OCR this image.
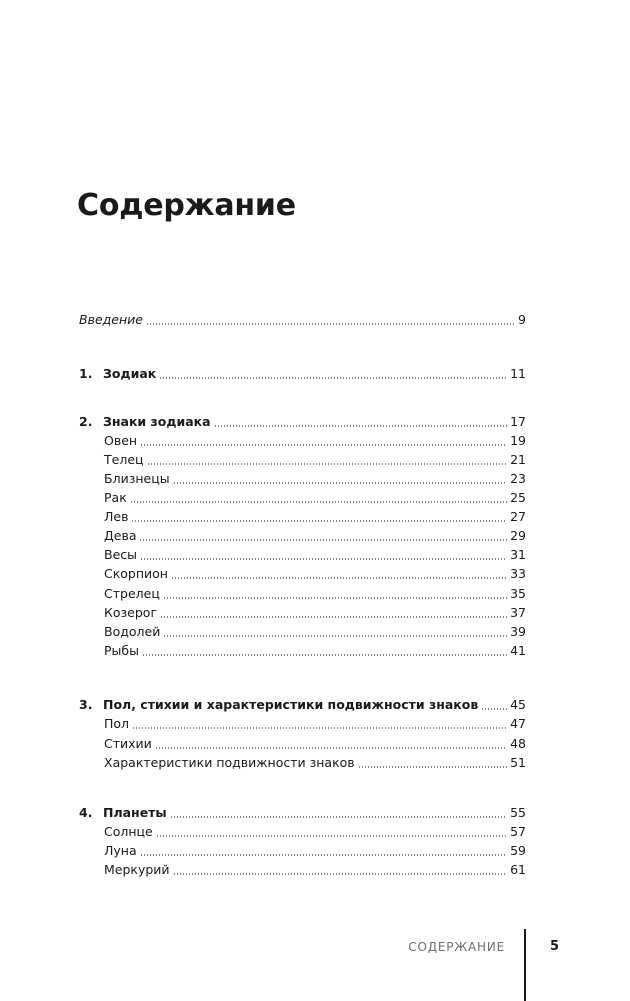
Содержание
Введение	9
1. Зодиак	11
2. Знаки зодиака	17
Овен	19
Телец	21
Близнецы	23
Рак	25
Лев	27
Дева	29
Весы	31
Скорпион	33
Стрелец	35
Козерог	37
Водолей	39
Рыбы	41
3. Пол, стихии и характеристики подвижности знаков	45
Пол	47
Стихии	48
Характеристики подвижности знаков	51
4. Планеты	55
Солнце	57
Луна	59
Меркурий	61
СОДЕРЖАНИЕ	5
